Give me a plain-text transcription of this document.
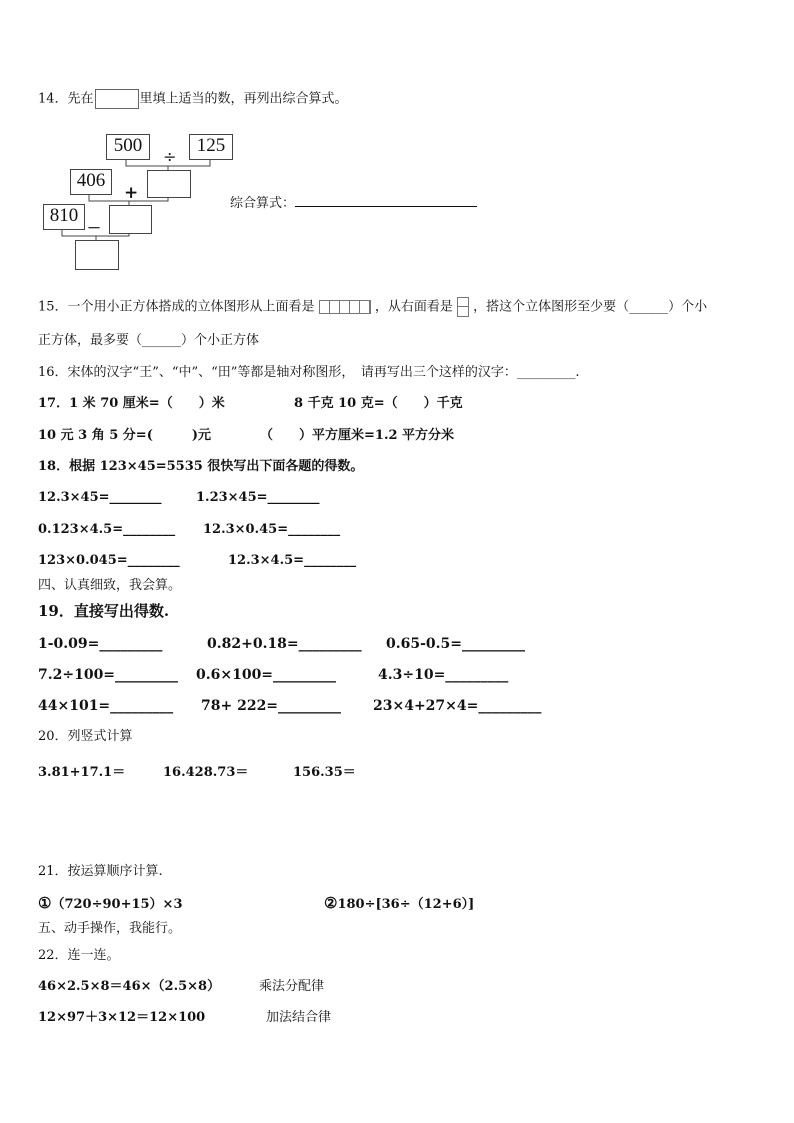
14．先在	里填上适当的数，再列出综合算式。
500
÷
125
406
+
810
－
综合算式：
15．一个用小正方体搭成的立体图形从上面看是	，从右面看是 ，搭这个立体图形至少要（______）个小
正方体，最多要（______）个小正方体
16．宋体的汉字“王”、“中”、“田”等都是轴对称图形，　请再写出三个这样的汉字：_________.
17．1 米 70 厘米=（　　）米	8 千克 10 克=（　　）千克
10 元 3 角 5 分=(　　　)元	（　　）平方厘米=1.2 平方分米
18．根据 123×45=5535 很快写出下面各题的得数。
12.3×45=________	1.23×45=________
0.123×4.5=________ 12.3×0.45=________
123×0.045=________	12.3×4.5=________
四、认真细致，我会算。
19．直接写出得数.
1-0.09=_________	0.82+0.18=_________ 0.65-0.5=_________
7.2÷100=_________ 0.6×100=_________	4.3÷10=_________
44×101=_________ 78+ 222=_________ 23×4+27×4=_________
20．列竖式计算
3.81+17.1＝	16.428.73＝	156.35＝
21．按运算顺序计算.
①（720÷90+15）×3	②180÷[36÷（12+6）]
五、动手操作，我能行。
22．连一连。
46×2.5×8＝46×（2.5×8）	乘法分配律
12×97＋3×12＝12×100	加法结合律
